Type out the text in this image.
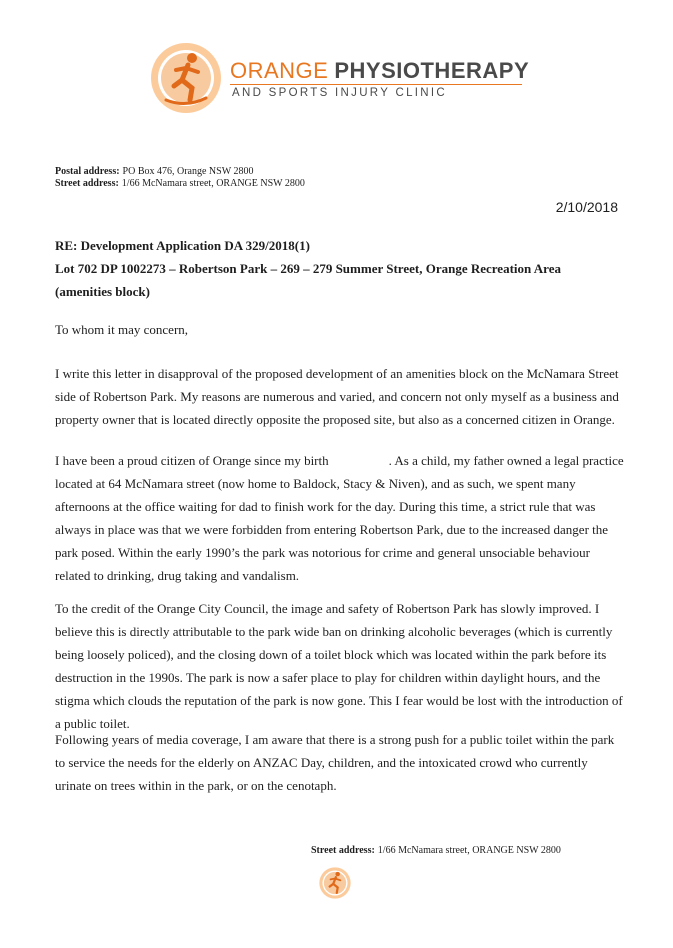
ORANGE PHYSIOTHERAPY
AND SPORTS INJURY CLINIC
Postal address: PO Box 476, Orange NSW 2800
Street address: 1/66 McNamara street, ORANGE NSW 2800
2/10/2018
RE: Development Application DA 329/2018(1)
Lot 702 DP 1002273 – Robertson Park – 269 – 279 Summer Street, Orange Recreation Area (amenities block)
To whom it may concern,
I write this letter in disapproval of the proposed development of an amenities block on the McNamara Street side of Robertson Park. My reasons are numerous and varied, and concern not only myself as a business and property owner that is located directly opposite the proposed site, but also as a concerned citizen in Orange.
I have been a proud citizen of Orange since my birth	. As a child, my father owned a legal practice located at 64 McNamara street (now home to Baldock, Stacy & Niven), and as such, we spent many afternoons at the office waiting for dad to finish work for the day. During this time, a strict rule that was always in place was that we were forbidden from entering Robertson Park, due to the increased danger the park posed. Within the early 1990’s the park was notorious for crime and general unsociable behaviour related to drinking, drug taking and vandalism.
To the credit of the Orange City Council, the image and safety of Robertson Park has slowly improved. I believe this is directly attributable to the park wide ban on drinking alcoholic beverages (which is currently being loosely policed), and the closing down of a toilet block which was located within the park before its destruction in the 1990s. The park is now a safer place to play for children within daylight hours, and the stigma which clouds the reputation of the park is now gone. This I fear would be lost with the introduction of a public toilet.
Following years of media coverage, I am aware that there is a strong push for a public toilet within the park to service the needs for the elderly on ANZAC Day, children, and the intoxicated crowd who currently urinate on trees within in the park, or on the cenotaph.
Street address: 1/66 McNamara street, ORANGE NSW 2800
